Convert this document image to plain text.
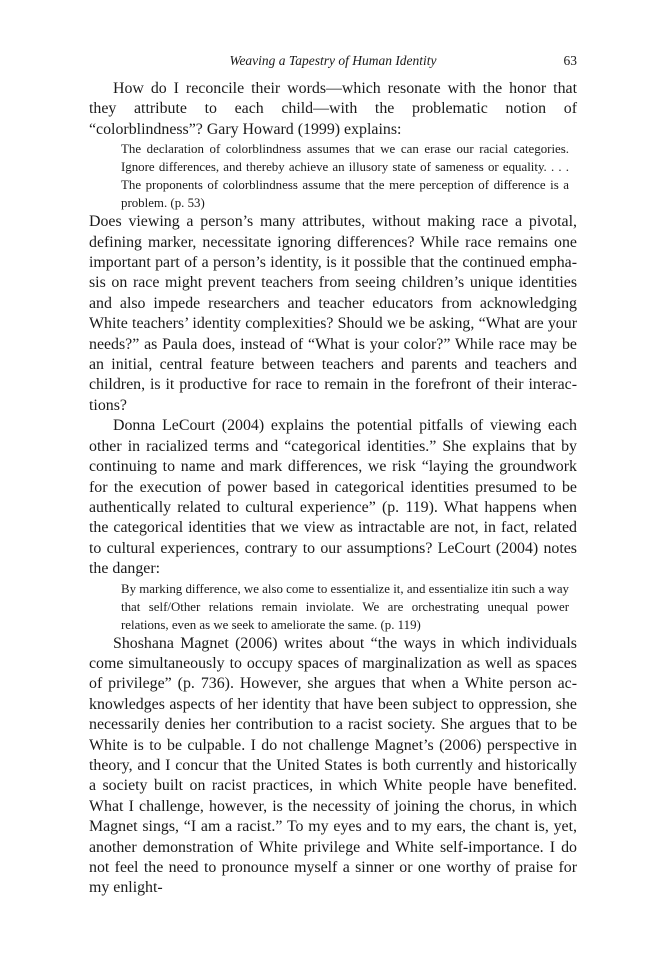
Weaving a Tapestry of Human Identity	63

How do I reconcile their words—which resonate with the honor that they attribute to each child—with the problematic notion of “colorblindness”? Gary Howard (1999) explains:

The declaration of colorblindness assumes that we can erase our racial categories. Ignore differences, and thereby achieve an illusory state of sameness or equality. . . . The proponents of colorblindness assume that the mere perception of difference is a problem. (p. 53)

Does viewing a person’s many attributes, without making race a pivotal, defining marker, necessitate ignoring differences? While race remains one important part of a person’s identity, is it possible that the continued emphasis on race might prevent teachers from seeing children’s unique identities and also impede researchers and teacher educators from acknowledging White teachers’ identity complexities? Should we be asking, “What are your needs?” as Paula does, instead of “What is your color?” While race may be an initial, central feature between teachers and parents and teachers and children, is it productive for race to remain in the forefront of their interactions?

Donna LeCourt (2004) explains the potential pitfalls of viewing each other in racialized terms and “categorical identities.” She explains that by continuing to name and mark differences, we risk “laying the groundwork for the execution of power based in categorical identities presumed to be authentically related to cultural experience” (p. 119). What happens when the categorical identities that we view as intractable are not, in fact, related to cultural experiences, contrary to our assumptions? LeCourt (2004) notes the danger:

By marking difference, we also come to essentialize it, and essentialize itin such a way that self/Other relations remain inviolate. We are orchestrating unequal power relations, even as we seek to ameliorate the same. (p. 119)

Shoshana Magnet (2006) writes about “the ways in which individuals come simultaneously to occupy spaces of marginalization as well as spaces of privilege” (p. 736). However, she argues that when a White person acknowledges aspects of her identity that have been subject to oppression, she necessarily denies her contribution to a racist society. She argues that to be White is to be culpable. I do not challenge Magnet’s (2006) perspective in theory, and I concur that the United States is both currently and historically a society built on racist practices, in which White people have benefited. What I challenge, however, is the necessity of joining the chorus, in which Magnet sings, “I am a racist.” To my eyes and to my ears, the chant is, yet, another demonstration of White privilege and White self-importance. I do not feel the need to pronounce myself a sinner or one worthy of praise for my enlight-
